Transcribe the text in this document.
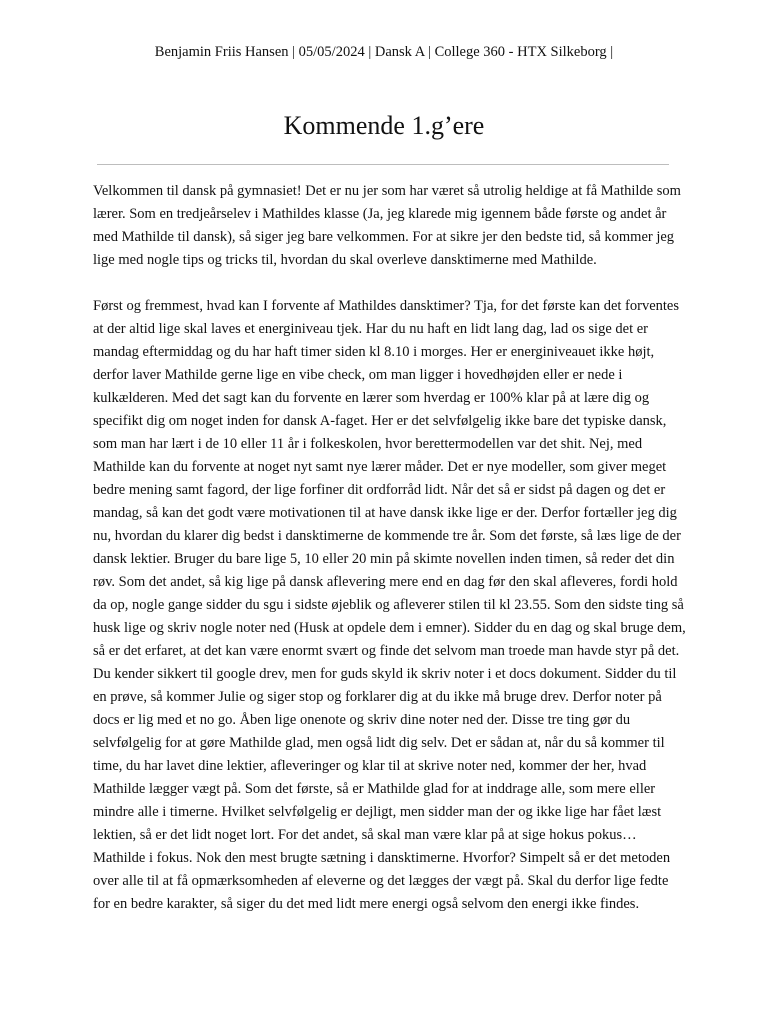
Benjamin Friis Hansen | 05/05/2024 | Dansk A | College 360 - HTX Silkeborg |
Kommende 1.g’ere
Velkommen til dansk på gymnasiet! Det er nu jer som har været så utrolig heldige at få Mathilde som
lærer. Som en tredjeårselev i Mathildes klasse (Ja, jeg klarede mig igennem både første og andet år
med Mathilde til dansk), så siger jeg bare velkommen. For at sikre jer den bedste tid, så kommer jeg
lige med nogle tips og tricks til, hvordan du skal overleve dansktimerne med Mathilde.
Først og fremmest, hvad kan I forvente af Mathildes dansktimer? Tja, for det første kan det forventes
at der altid lige skal laves et energiniveau tjek. Har du nu haft en lidt lang dag, lad os sige det er
mandag eftermiddag og du har haft timer siden kl 8.10 i morges. Her er energiniveauet ikke højt,
derfor laver Mathilde gerne lige en vibe check, om man ligger i hovedhøjden eller er nede i
kulkælderen. Med det sagt kan du forvente en lærer som hverdag er 100% klar på at lære dig og
specifikt dig om noget inden for dansk A-faget. Her er det selvfølgelig ikke bare det typiske dansk,
som man har lært i de 10 eller 11 år i folkeskolen, hvor berettermodellen var det shit. Nej, med
Mathilde kan du forvente at noget nyt samt nye lærer måder. Det er nye modeller, som giver meget
bedre mening samt fagord, der lige forfiner dit ordforråd lidt. Når det så er sidst på dagen og det er
mandag, så kan det godt være motivationen til at have dansk ikke lige er der. Derfor fortæller jeg dig
nu, hvordan du klarer dig bedst i dansktimerne de kommende tre år. Som det første, så læs lige de der
dansk lektier. Bruger du bare lige 5, 10 eller 20 min på skimte novellen inden timen, så reder det din
røv. Som det andet, så kig lige på dansk aflevering mere end en dag før den skal afleveres, fordi hold
da op, nogle gange sidder du sgu i sidste øjeblik og afleverer stilen til kl 23.55. Som den sidste ting så
husk lige og skriv nogle noter ned (Husk at opdele dem i emner). Sidder du en dag og skal bruge dem,
så er det erfaret, at det kan være enormt svært og finde det selvom man troede man havde styr på det.
Du kender sikkert til google drev, men for guds skyld ik skriv noter i et docs dokument. Sidder du til
en prøve, så kommer Julie og siger stop og forklarer dig at du ikke må bruge drev. Derfor noter på
docs er lig med et no go. Åben lige onenote og skriv dine noter ned der. Disse tre ting gør du
selvfølgelig for at gøre Mathilde glad, men også lidt dig selv. Det er sådan at, når du så kommer til
time, du har lavet dine lektier, afleveringer og klar til at skrive noter ned, kommer der her, hvad
Mathilde lægger vægt på. Som det første, så er Mathilde glad for at inddrage alle, som mere eller
mindre alle i timerne. Hvilket selvfølgelig er dejligt, men sidder man der og ikke lige har fået læst
lektien, så er det lidt noget lort. For det andet, så skal man være klar på at sige hokus pokus…
Mathilde i fokus. Nok den mest brugte sætning i dansktimerne. Hvorfor? Simpelt så er det metoden
over alle til at få opmærksomheden af eleverne og det lægges der vægt på. Skal du derfor lige fedte
for en bedre karakter, så siger du det med lidt mere energi også selvom den energi ikke findes.
